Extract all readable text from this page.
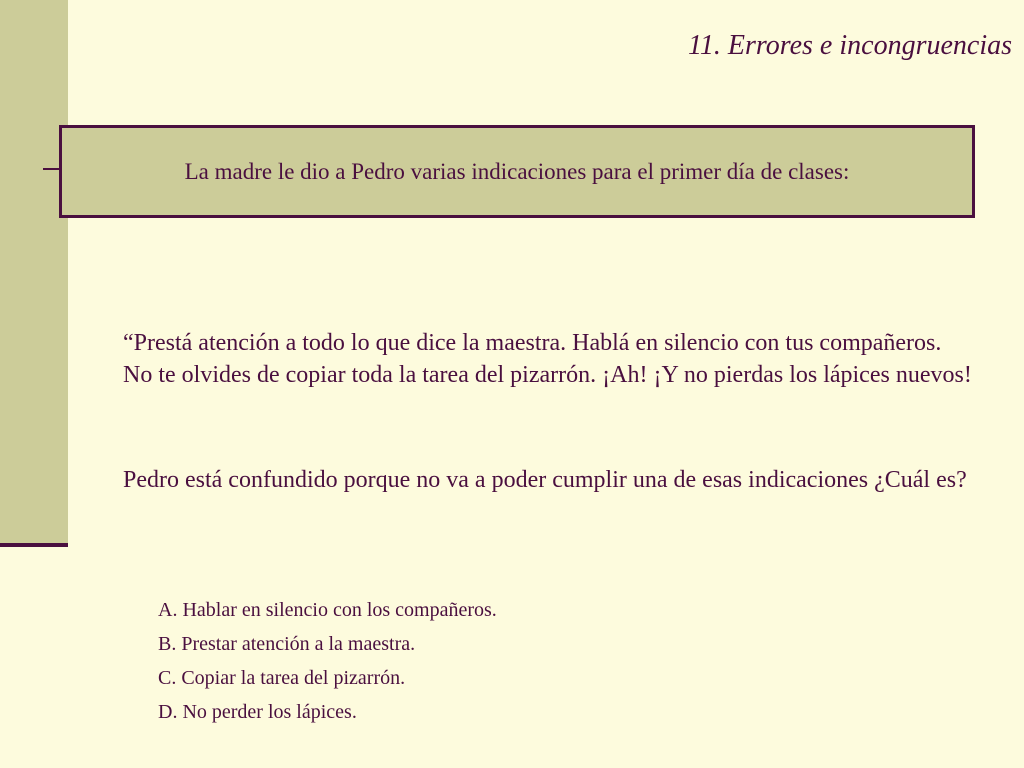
11. Errores e incongruencias
La madre le dio a Pedro varias indicaciones para el primer día de clases:

“Prestá atención a todo lo que dice la maestra. Hablá en silencio con tus compañeros. No te olvides de copiar toda la tarea del pizarrón. ¡Ah! ¡Y no pierdas los lápices nuevos!

Pedro está confundido porque no va a poder cumplir una de esas indicaciones ¿Cuál es?

A. Hablar en silencio con los compañeros.
B. Prestar atención a la maestra.
C. Copiar la tarea del pizarrón.
D. No perder los lápices.
